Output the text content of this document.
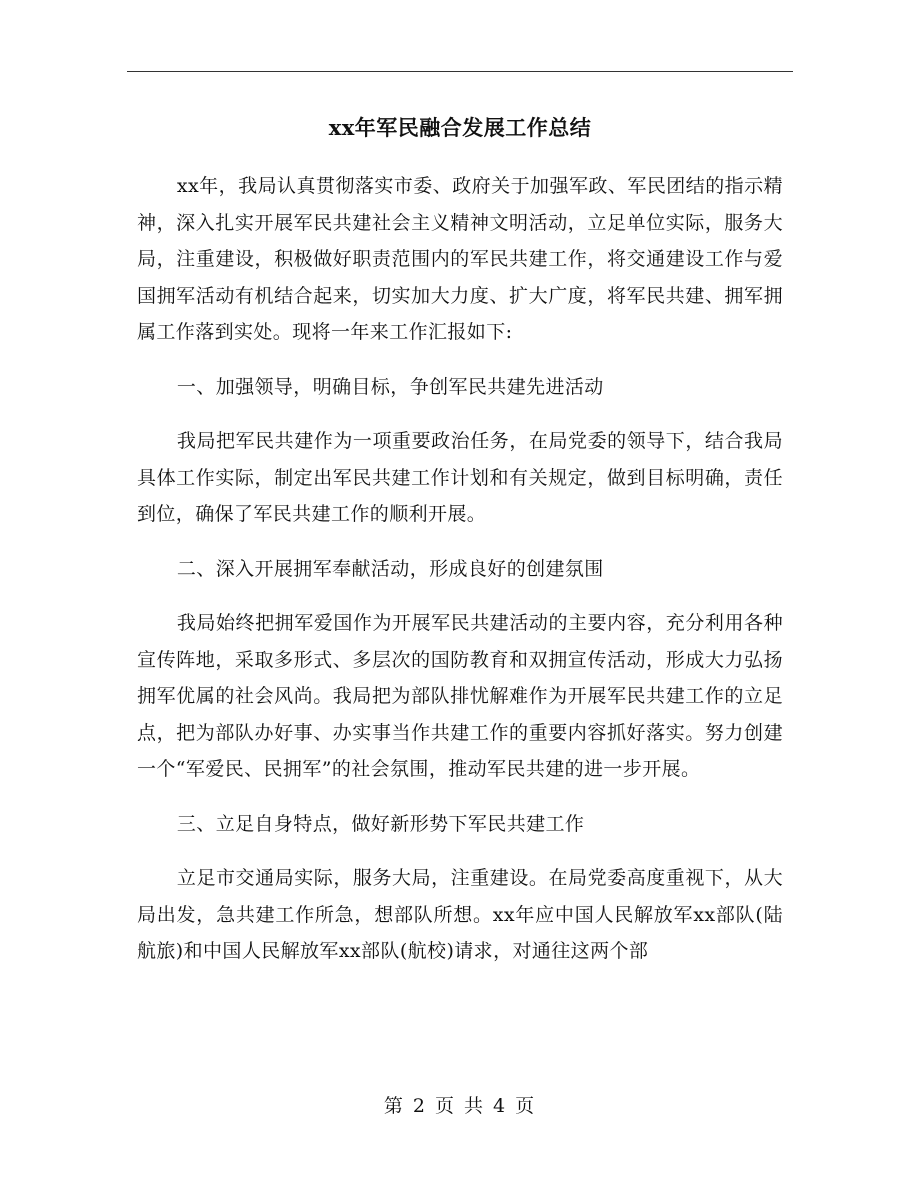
xx年军民融合发展工作总结

xx年，我局认真贯彻落实市委、政府关于加强军政、军民团结的指示精神，深入扎实开展军民共建社会主义精神文明活动，立足单位实际，服务大局，注重建设，积极做好职责范围内的军民共建工作，将交通建设工作与爱国拥军活动有机结合起来，切实加大力度、扩大广度，将军民共建、拥军拥属工作落到实处。现将一年来工作汇报如下:

一、加强领导，明确目标，争创军民共建先进活动

我局把军民共建作为一项重要政治任务，在局党委的领导下，结合我局具体工作实际，制定出军民共建工作计划和有关规定，做到目标明确，责任到位，确保了军民共建工作的顺利开展。

二、深入开展拥军奉献活动，形成良好的创建氛围

我局始终把拥军爱国作为开展军民共建活动的主要内容，充分利用各种宣传阵地，采取多形式、多层次的国防教育和双拥宣传活动，形成大力弘扬拥军优属的社会风尚。我局把为部队排忧解难作为开展军民共建工作的立足点，把为部队办好事、办实事当作共建工作的重要内容抓好落实。努力创建一个“军爱民、民拥军”的社会氛围，推动军民共建的进一步开展。

三、立足自身特点，做好新形势下军民共建工作

立足市交通局实际，服务大局，注重建设。在局党委高度重视下，从大局出发，急共建工作所急，想部队所想。xx年应中国人民解放军xx部队(陆航旅)和中国人民解放军xx部队(航校)请求，对通往这两个部

第 2 页 共 4 页
